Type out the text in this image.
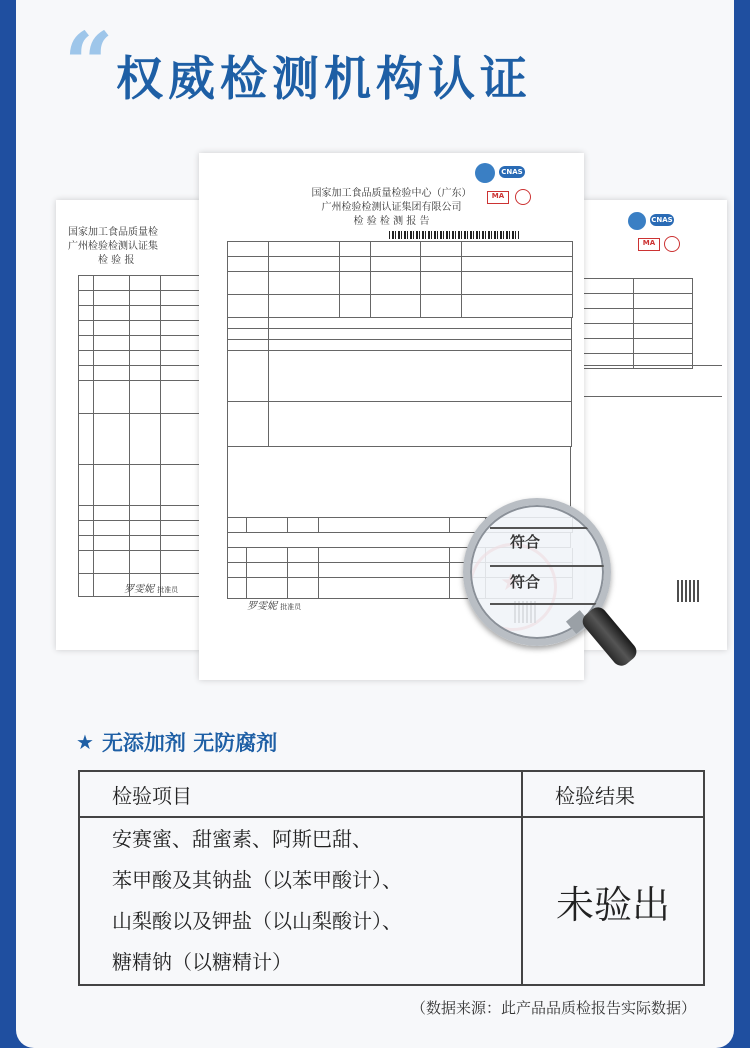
“ 权威检测机构认证
国家加工食品质量检
广州检验检测认证集
检 验 报
罗雯妮 批准员
CNAS
MA
CNAS
MA
国家加工食品质量检验中心（广东）
广州检验检测认证集团有限公司
检 验 检 测 报 告
★
罗雯妮 批准员
符合
符合
★ 无添加剂 无防腐剂
检验项目	检验结果

安赛蜜、甜蜜素、阿斯巴甜、
苯甲酸及其钠盐（以苯甲酸计）、
山梨酸以及钾盐（以山梨酸计）、
糖精钠（以糖精计）	未验出
（数据来源：此产品品质检报告实际数据）
